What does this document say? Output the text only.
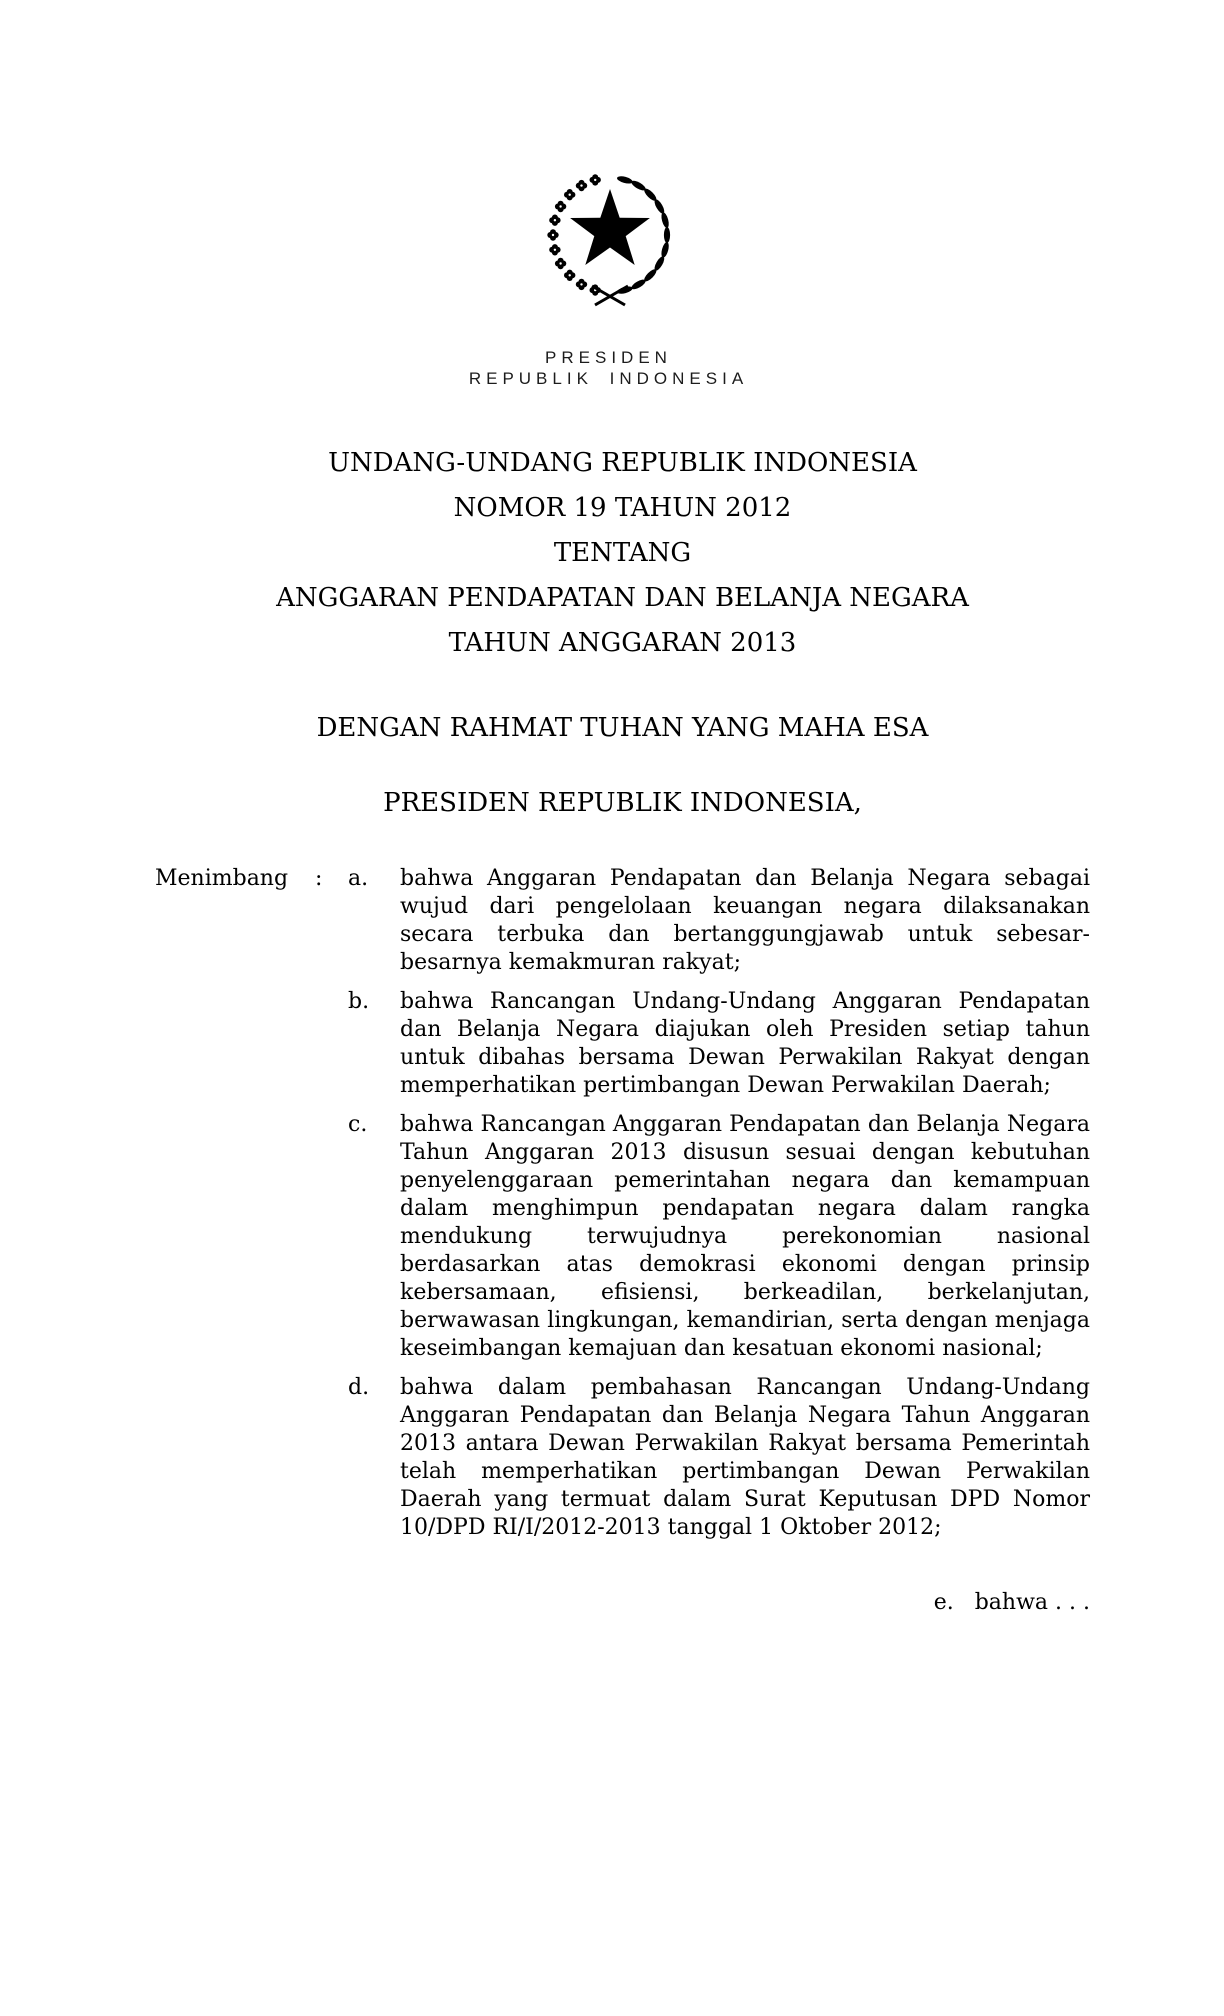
PRESIDEN
REPUBLIK INDONESIA
UNDANG-UNDANG REPUBLIK INDONESIA
NOMOR 19 TAHUN 2012
TENTANG
ANGGARAN PENDAPATAN DAN BELANJA NEGARA
TAHUN ANGGARAN 2013
DENGAN RAHMAT TUHAN YANG MAHA ESA
PRESIDEN REPUBLIK INDONESIA,
Menimbang	:	a.	bahwa Anggaran Pendapatan dan Belanja Negara sebagai wujud dari pengelolaan keuangan negara dilaksanakan secara terbuka dan bertanggungjawab untuk sebesar-besarnya kemakmuran rakyat;
b.	bahwa Rancangan Undang-Undang Anggaran Pendapatan dan Belanja Negara diajukan oleh Presiden setiap tahun untuk dibahas bersama Dewan Perwakilan Rakyat dengan memperhatikan pertimbangan Dewan Perwakilan Daerah;
c.	bahwa Rancangan Anggaran Pendapatan dan Belanja Negara Tahun Anggaran 2013 disusun sesuai dengan kebutuhan penyelenggaraan pemerintahan negara dan kemampuan dalam menghimpun pendapatan negara dalam rangka mendukung terwujudnya perekonomian nasional berdasarkan atas demokrasi ekonomi dengan prinsip kebersamaan, efisiensi, berkeadilan, berkelanjutan, berwawasan lingkungan, kemandirian, serta dengan menjaga keseimbangan kemajuan dan kesatuan ekonomi nasional;
d.	bahwa dalam pembahasan Rancangan Undang-Undang Anggaran Pendapatan dan Belanja Negara Tahun Anggaran 2013 antara Dewan Perwakilan Rakyat bersama Pemerintah telah memperhatikan pertimbangan Dewan Perwakilan Daerah yang termuat dalam Surat Keputusan DPD Nomor 10/DPD RI/I/2012-2013 tanggal 1 Oktober 2012;
e.   bahwa . . .
